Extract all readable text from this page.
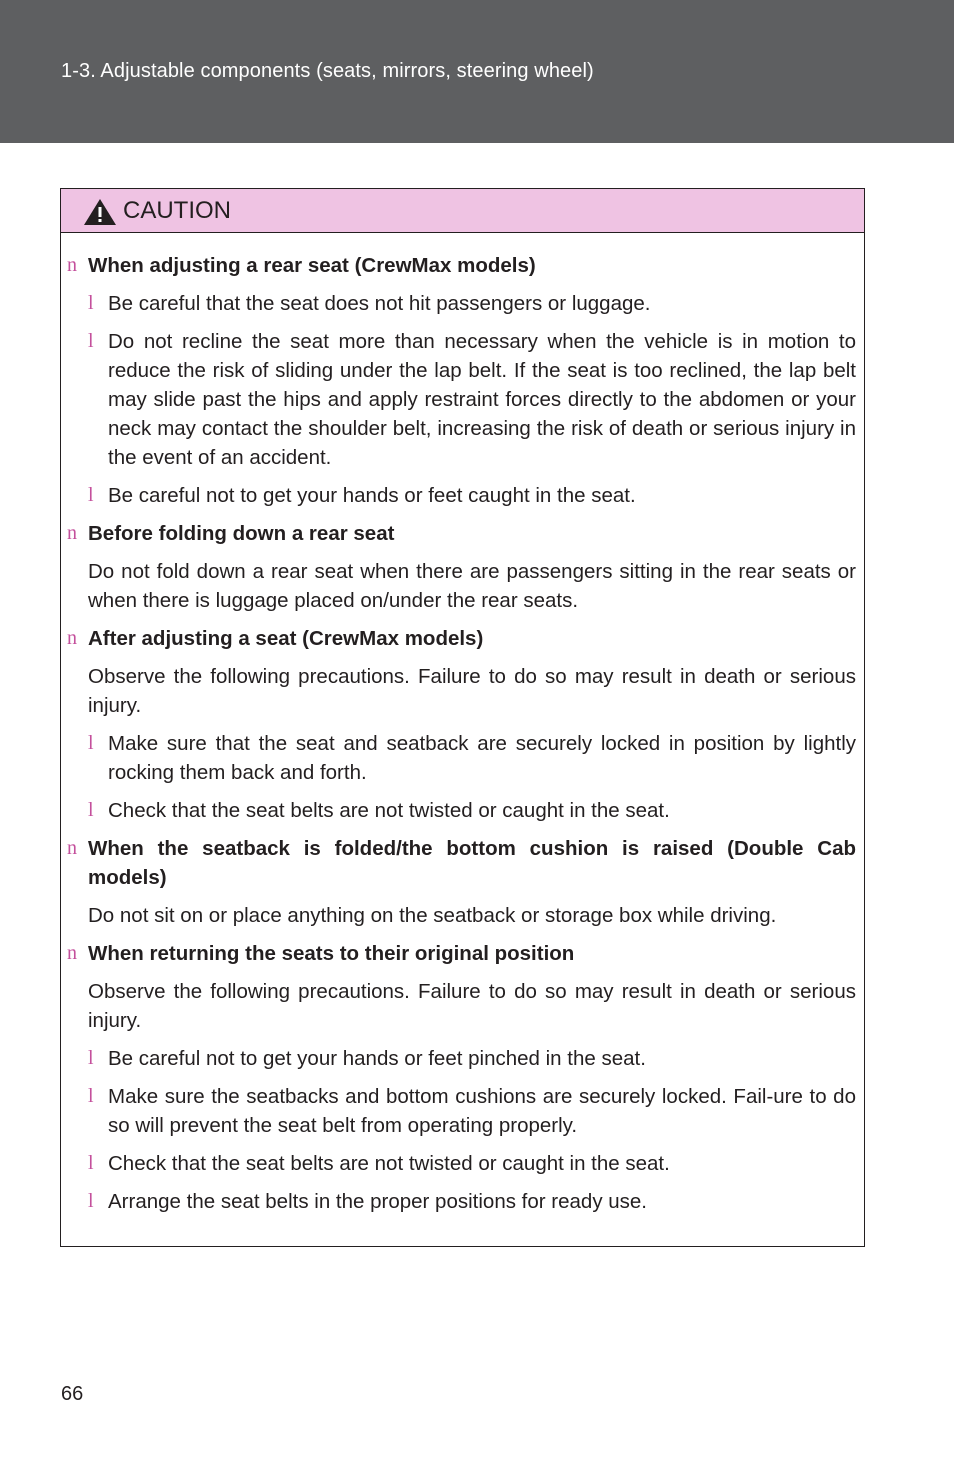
1-3. Adjustable components (seats, mirrors, steering wheel)
CAUTION
n When adjusting a rear seat (CrewMax models)
l Be careful that the seat does not hit passengers or luggage.
l Do not recline the seat more than necessary when the vehicle is in motion to reduce the risk of sliding under the lap belt. If the seat is too reclined, the lap belt may slide past the hips and apply restraint forces directly to the abdomen or your neck may contact the shoulder belt, increasing the risk of death or serious injury in the event of an accident.
l Be careful not to get your hands or feet caught in the seat.
n Before folding down a rear seat
Do not fold down a rear seat when there are passengers sitting in the rear seats or when there is luggage placed on/under the rear seats.
n After adjusting a seat (CrewMax models)
Observe the following precautions. Failure to do so may result in death or serious injury.
l Make sure that the seat and seatback are securely locked in position by lightly rocking them back and forth.
l Check that the seat belts are not twisted or caught in the seat.
n When the seatback is folded/the bottom cushion is raised (Double Cab models)
Do not sit on or place anything on the seatback or storage box while driving.
n When returning the seats to their original position
Observe the following precautions. Failure to do so may result in death or serious injury.
l Be careful not to get your hands or feet pinched in the seat.
l Make sure the seatbacks and bottom cushions are securely locked. Fail-ure to do so will prevent the seat belt from operating properly.
l Check that the seat belts are not twisted or caught in the seat.
l Arrange the seat belts in the proper positions for ready use.
66
